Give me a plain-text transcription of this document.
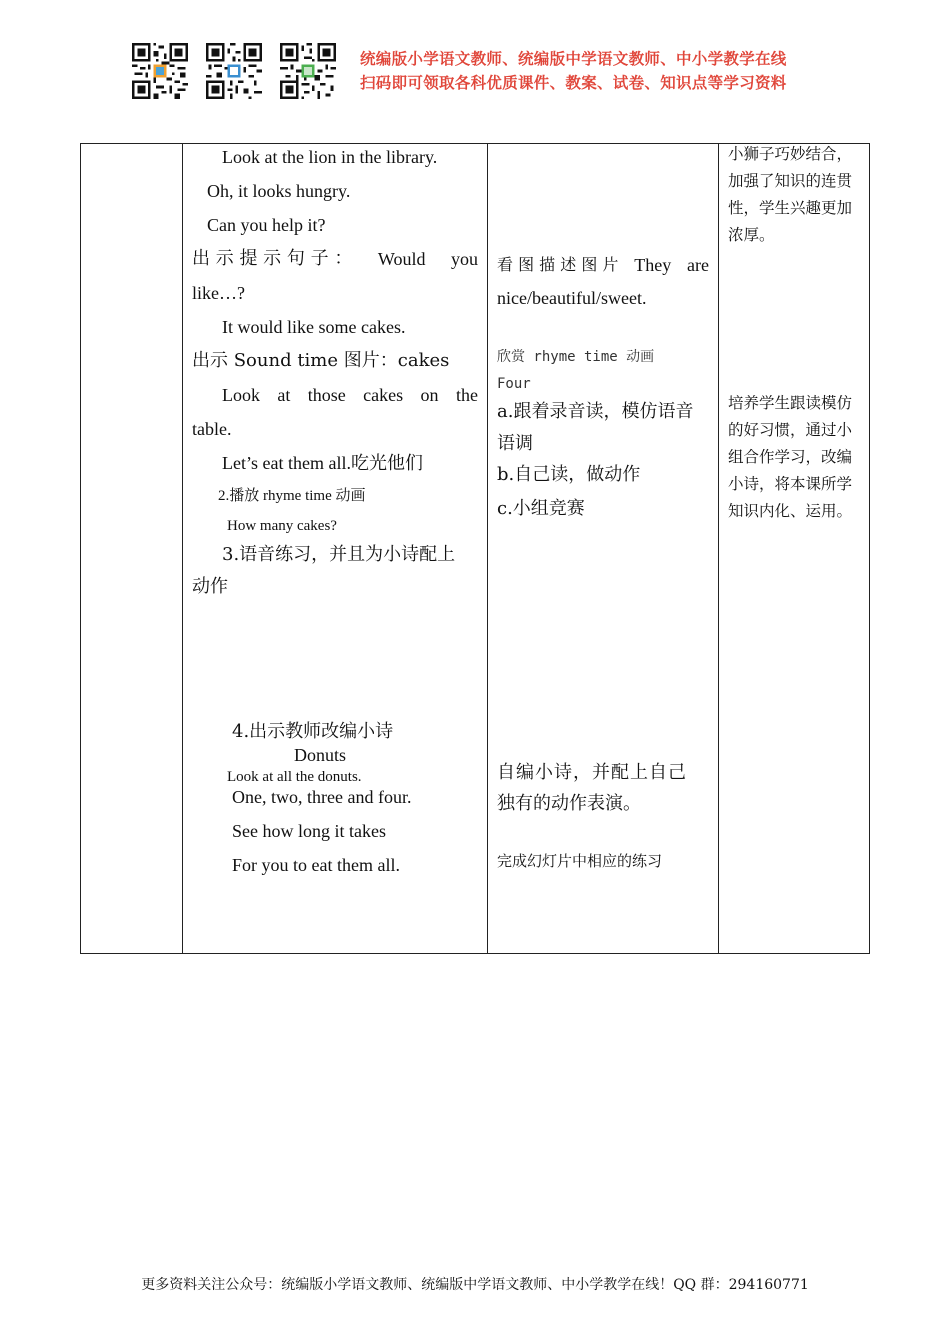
统编版小学语文教师、统编版中学语文教师、中小学教学在线
扫码即可领取各科优质课件、教案、试卷、知识点等学习资料
Look at the lion in the library.
Oh, it looks hungry.
Can you help it?
出 示 提 示 句 子 ： Would you
like…?
It would like some cakes.
出示 Sound time 图片：cakes
Look at those cakes on the
table.
Let’s eat them all.吃光他们
2.播放 rhyme time 动画
How many cakes?
3.语音练习，并且为小诗配上
动作
4.出示教师改编小诗
Donuts
Look at all the donuts.
One, two, three and four.
See how long it takes
For you to eat them all.
看 图 描 述 图 片 They are
nice/beautiful/sweet.
欣赏 rhyme time 动画
Four
a.跟着录音读，模仿语音
语调
b.自己读，做动作
c.小组竞赛
自编小诗，并配上自己
独有的动作表演。
完成幻灯片中相应的练习
小狮子巧妙结合，加强了知识的连贯性，学生兴趣更加浓厚。
培养学生跟读模仿的好习惯，通过小组合作学习，改编小诗，将本课所学知识内化、运用。
更多资料关注公众号：统编版小学语文教师、统编版中学语文教师、中小学教学在线！QQ 群：294160771
